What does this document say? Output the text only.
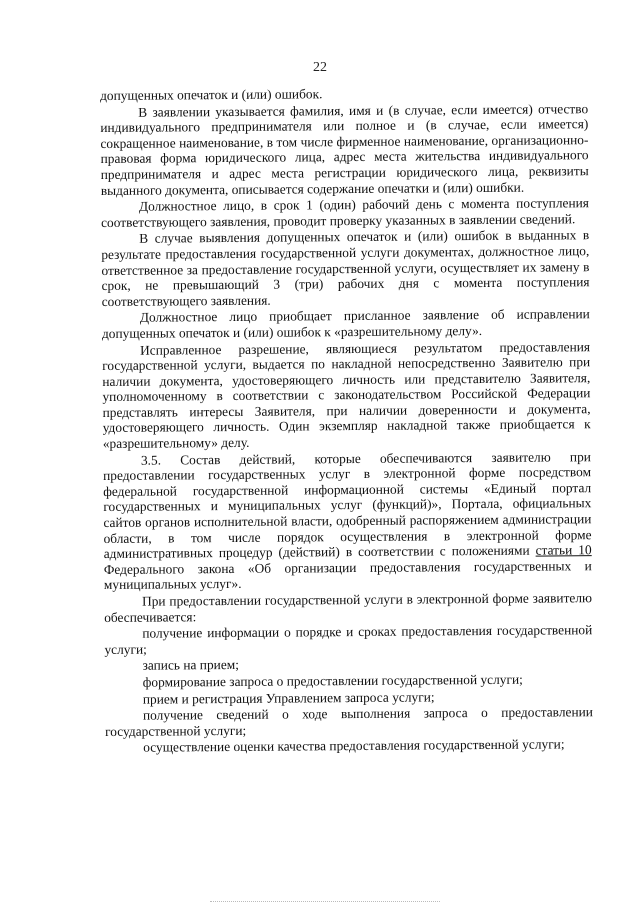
22

допущенных опечаток и (или) ошибок.

В заявлении указывается фамилия, имя и (в случае, если имеется) отчество индивидуального предпринимателя или полное и (в случае, если имеется) сокращенное наименование, в том числе фирменное наименование, организационно-правовая форма юридического лица, адрес места жительства индивидуального предпринимателя и адрес места регистрации юридического лица, реквизиты выданного документа, описывается содержание опечатки и (или) ошибки.

Должностное лицо, в срок 1 (один) рабочий день с момента поступления соответствующего заявления, проводит проверку указанных в заявлении сведений.

В случае выявления допущенных опечаток и (или) ошибок в выданных в результате предоставления государственной услуги документах, должностное лицо, ответственное за предоставление государственной услуги, осуществляет их замену в срок, не превышающий 3 (три) рабочих дня с момента поступления соответствующего заявления.

Должностное лицо приобщает присланное заявление об исправлении допущенных опечаток и (или) ошибок к «разрешительному делу».

Исправленное разрешение, являющиеся результатом предоставления государственной услуги, выдается по накладной непосредственно Заявителю при наличии документа, удостоверяющего личность или представителю Заявителя, уполномоченному в соответствии с законодательством Российской Федерации представлять интересы Заявителя, при наличии доверенности и документа, удостоверяющего личность. Один экземпляр накладной также приобщается к «разрешительному» делу.

3.5. Состав действий, которые обеспечиваются заявителю при предоставлении государственных услуг в электронной форме посредством федеральной государственной информационной системы «Единый портал государственных и муниципальных услуг (функций)», Портала, официальных сайтов органов исполнительной власти, одобренный распоряжением администрации области, в том числе порядок осуществления в электронной форме административных процедур (действий) в соответствии с положениями статьи 10 Федерального закона «Об организации предоставления государственных и муниципальных услуг».

При предоставлении государственной услуги в электронной форме заявителю обеспечивается:

получение информации о порядке и сроках предоставления государственной услуги;

запись на прием;

формирование запроса о предоставлении государственной услуги;

прием и регистрация Управлением запроса услуги;

получение сведений о ходе выполнения запроса о предоставлении государственной услуги;

осуществление оценки качества предоставления государственной услуги;
